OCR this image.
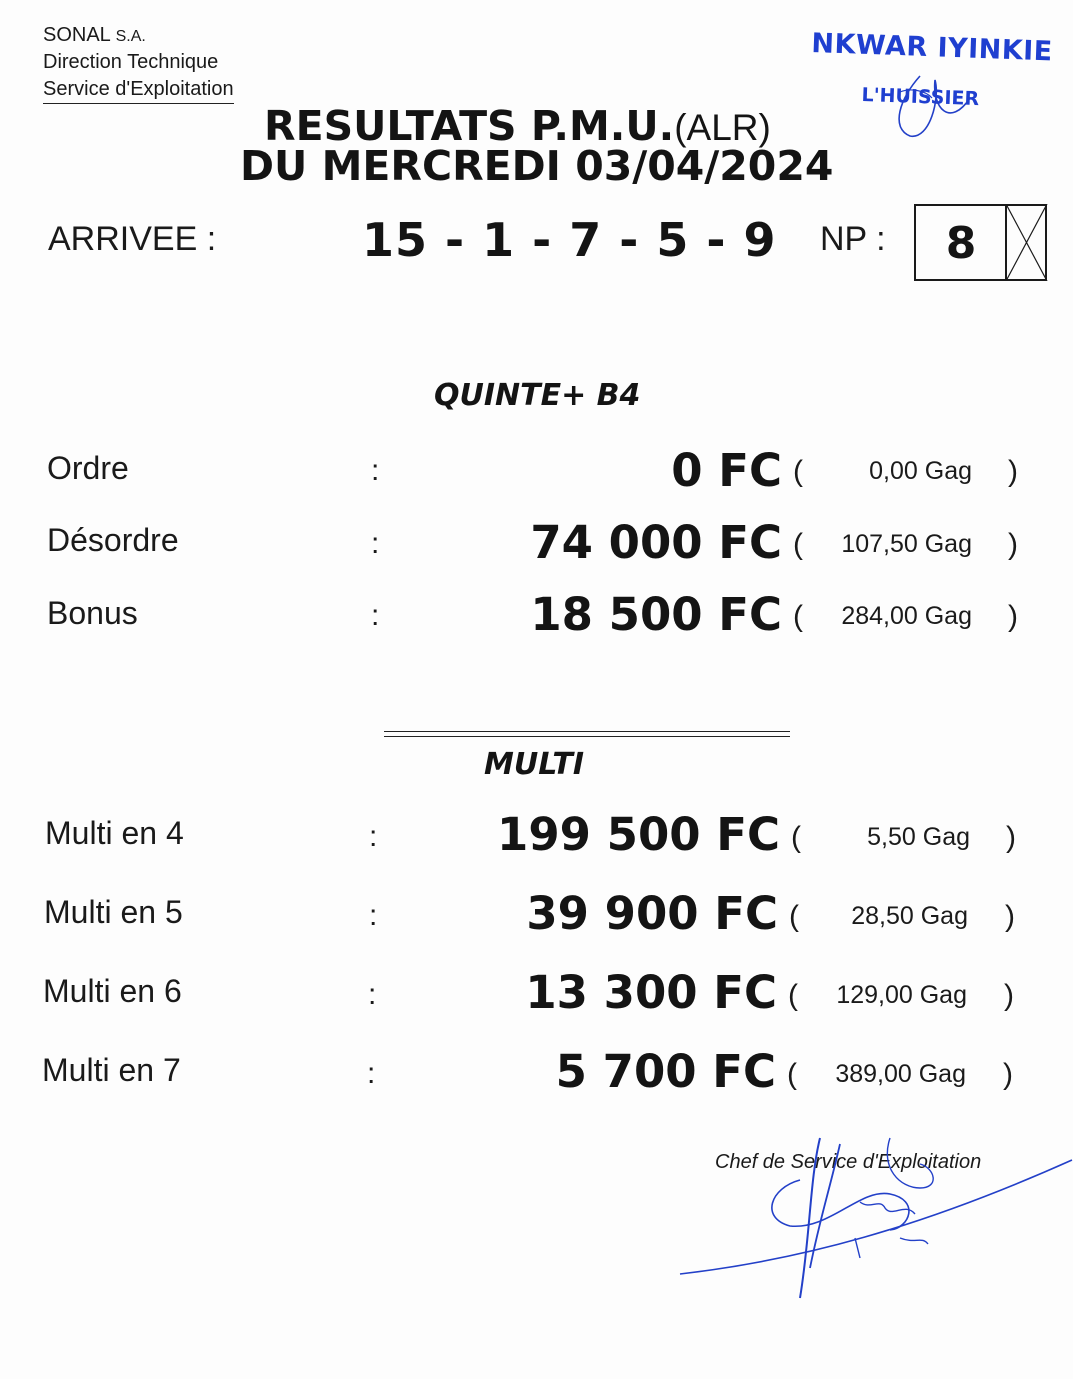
SONAL S.A.
Direction Technique
Service d'Exploitation
NKWAR IYINKIE
L'HUISSIER
RESULTATS P.M.U.(ALR)
DU MERCREDI 03/04/2024
ARRIVEE :	15 - 1 - 7 - 5 - 9 NP :	8
QUINTE+ B4
Ordre	:	0 FC (	0,00 Gag )
Désordre	:	74 000 FC (	107,50 Gag )
Bonus	:	18 500 FC (	284,00 Gag )
MULTI
Multi en 4	:	199 500 FC (	5,50 Gag )
Multi en 5	:	39 900 FC (	28,50 Gag )
Multi en 6	:	13 300 FC (	129,00 Gag )
Multi en 7	:	5 700 FC (	389,00 Gag )
Chef de Service d'Exploitation
